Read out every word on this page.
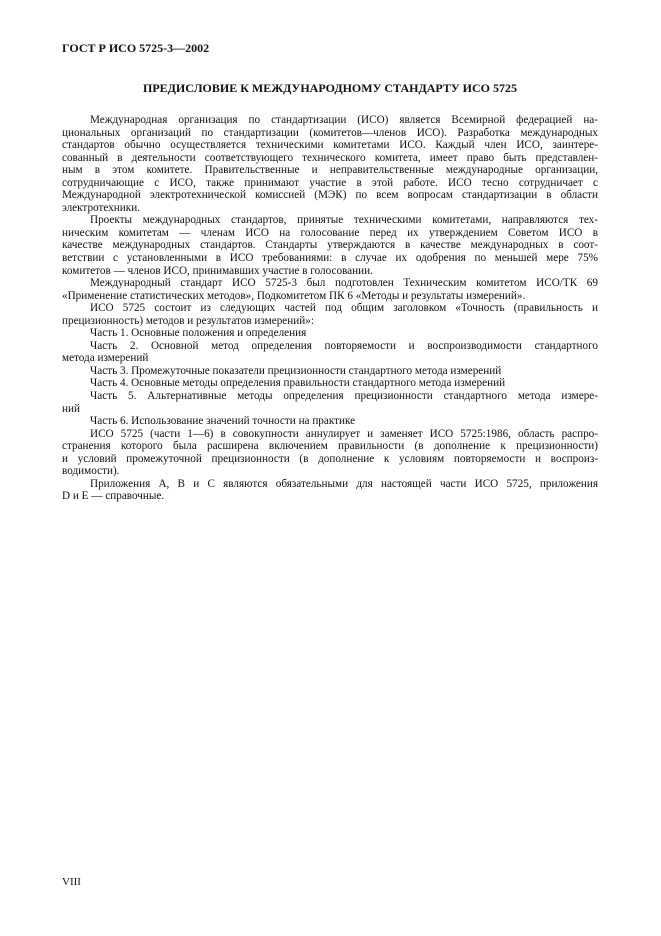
ГОСТ Р ИСО 5725-3—2002
ПРЕДИСЛОВИЕ К МЕЖДУНАРОДНОМУ СТАНДАРТУ ИСО 5725
Международная организация по стандартизации (ИСО) является Всемирной федерацией на-
циональных организаций по стандартизации (комитетов—членов ИСО). Разработка международных
стандартов обычно осуществляется техническими комитетами ИСО. Каждый член ИСО, заинтере-
сованный в деятельности соответствующего технического комитета, имеет право быть представлен-
ным в этом комитете. Правительственные и неправительственные международные организации,
сотрудничающие с ИСО, также принимают участие в этой работе. ИСО тесно сотрудничает с
Международной электротехнической комиссией (МЭК) по всем вопросам стандартизации в области
электротехники.
Проекты международных стандартов, принятые техническими комитетами, направляются тех-
ническим комитетам — членам ИСО на голосование перед их утверждением Советом ИСО в
качестве международных стандартов. Стандарты утверждаются в качестве международных в соот-
ветствии с установленными в ИСО требованиями: в случае их одобрения по меньшей мере 75%
комитетов — членов ИСО, принимавших участие в голосовании.
Международный стандарт ИСО 5725-3 был подготовлен Техническим комитетом ИСО/ТК 69
«Применение статистических методов», Подкомитетом ПК 6 «Методы и результаты измерений».
ИСО 5725 состоит из следующих частей под общим заголовком «Точность (правильность и
прецизионность) методов и результатов измерений»:
Часть 1. Основные положения и определения
Часть 2. Основной метод определения повторяемости и воспроизводимости стандартного
метода измерений
Часть 3. Промежуточные показатели прецизионности стандартного метода измерений
Часть 4. Основные методы определения правильности стандартного метода измерений
Часть 5. Альтернативные методы определения прецизионности стандартного метода измере-
ний
Часть 6. Использование значений точности на практике
ИСО 5725 (части 1—6) в совокупности аннулирует и заменяет ИСО 5725:1986, область распро-
странения которого была расширена включением правильности (в дополнение к прецизионности)
и условий промежуточной прецизионности (в дополнение к условиям повторяемости и воспроиз-
водимости).
Приложения А, В и С являются обязательными для настоящей части ИСО 5725, приложения
D и E — справочные.
VIII
